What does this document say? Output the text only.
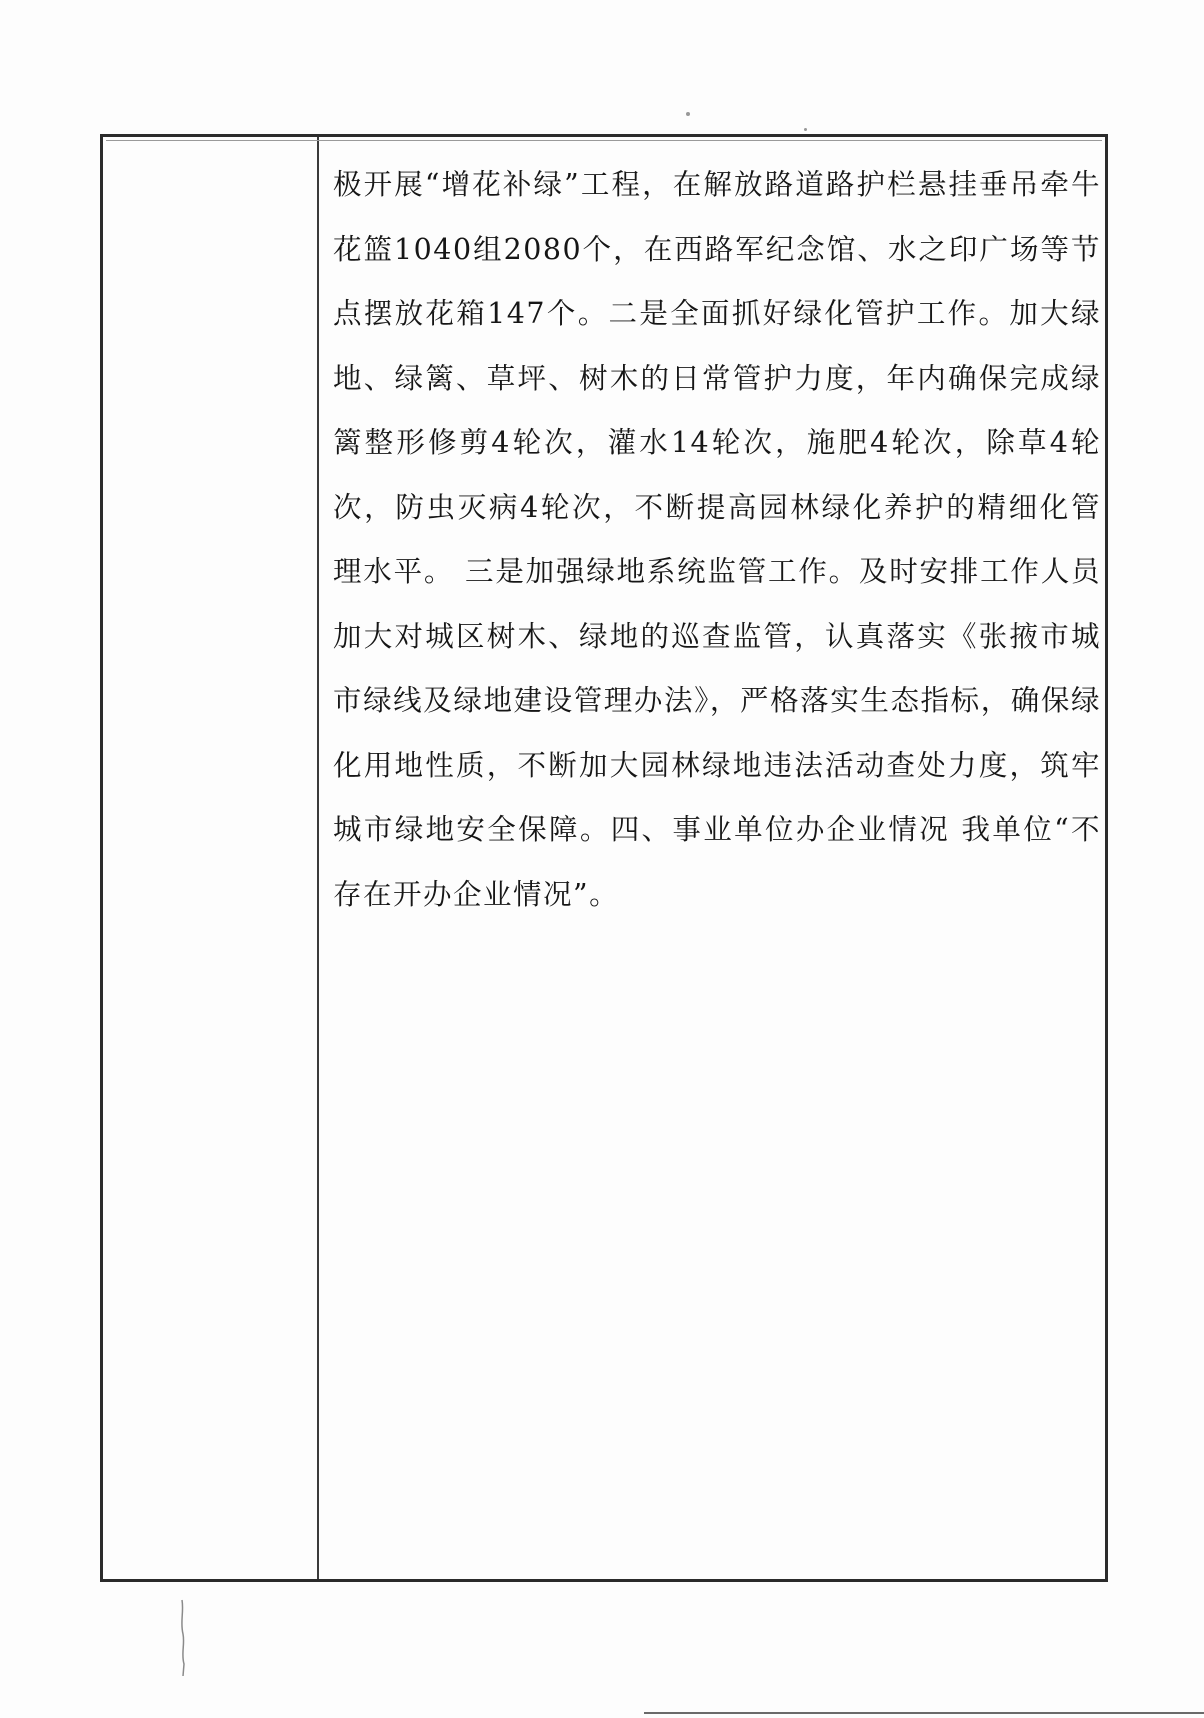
极开展“增花补绿”工程，在解放路道路护栏悬挂垂吊牵牛花篮1040组2080个，在西路军纪念馆、水之印广场等节点摆放花箱147个。二是全面抓好绿化管护工作。加大绿地、绿篱、草坪、树木的日常管护力度，年内确保完成绿篱整形修剪4轮次，灌水14轮次，施肥4轮次，除草4轮次，防虫灭病4轮次，不断提高园林绿化养护的精细化管理水平。 三是加强绿地系统监管工作。及时安排工作人员加大对城区树木、绿地的巡查监管，认真落实《张掖市城市绿线及绿地建设管理办法》，严格落实生态指标，确保绿化用地性质，不断加大园林绿地违法活动查处力度，筑牢城市绿地安全保障。四、事业单位办企业情况 我单位“不存在开办企业情况”。
